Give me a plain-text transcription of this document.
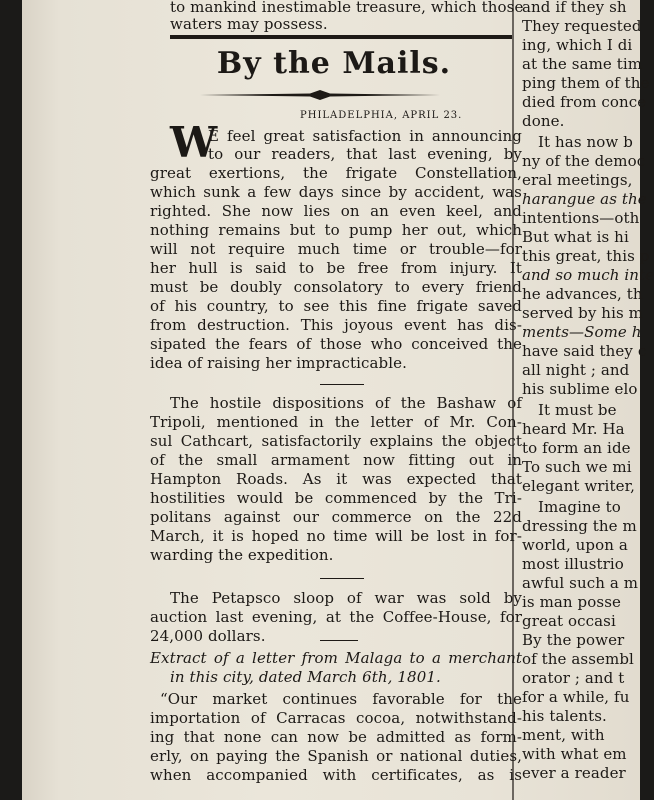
to mankind inestimable treasure, which those
waters may possess.
By the Mails.
PHILADELPHIA, APRIL 23.
W
E feel great satisfaction in announcing
to our readers, that last evening, by
great exertions, the frigate Constellation,
which sunk a few days since by accident, was
righted. She now lies on an even keel, and
nothing remains but to pump her out, which
will not require much time or trouble—for
her hull is said to be free from injury. It
must be doubly consolatory to every friend
of his country, to see this fine frigate saved
from destruction. This joyous event has dis-
sipated the fears of those who conceived the
idea of raising her impracticable.
The hostile dispositions of the Bashaw of
Tripoli, mentioned in the letter of Mr. Con-
sul Cathcart, satisfactorily explains the object
of the small armament now fitting out in
Hampton Roads. As it was expected that
hostilities would be commenced by the Tri-
politans against our commerce on the 22d
March, it is hoped no time will be lost in for-
warding the expedition.
The Petapsco sloop of war was sold by
auction last evening, at the Coffee-House, for
24,000 dollars.
Extract of a letter from Malaga to a merchant
in this city, dated March 6th, 1801.
“Our market continues favorable for the
importation of Carracas cocoa, notwithstand-
ing that none can now be admitted as form-
erly, on paying the Spanish or national duties,
when accompanied with certificates, as is
and if they sh
They requested
ing, which I di
at the same tim
ping them of the
died from conce
done.
It has now b
ny of the democ
eral meetings,
harangue as the
intentions—oth
But what is hi
this great, this p
and so much inte
he advances, th
served by his m
ments—Some h
have said they c
all night ; and
his sublime elo
It must be
heard Mr. Ha
to form an ide
To such we mi
elegant writer,
Imagine to
dressing the m
world, upon a
most illustrio
awful such a m
is man posse
great occasi
By the power
of the assembl
orator ; and t
for a while, fu
his talents.
ment, with
with what em
ever a reader
